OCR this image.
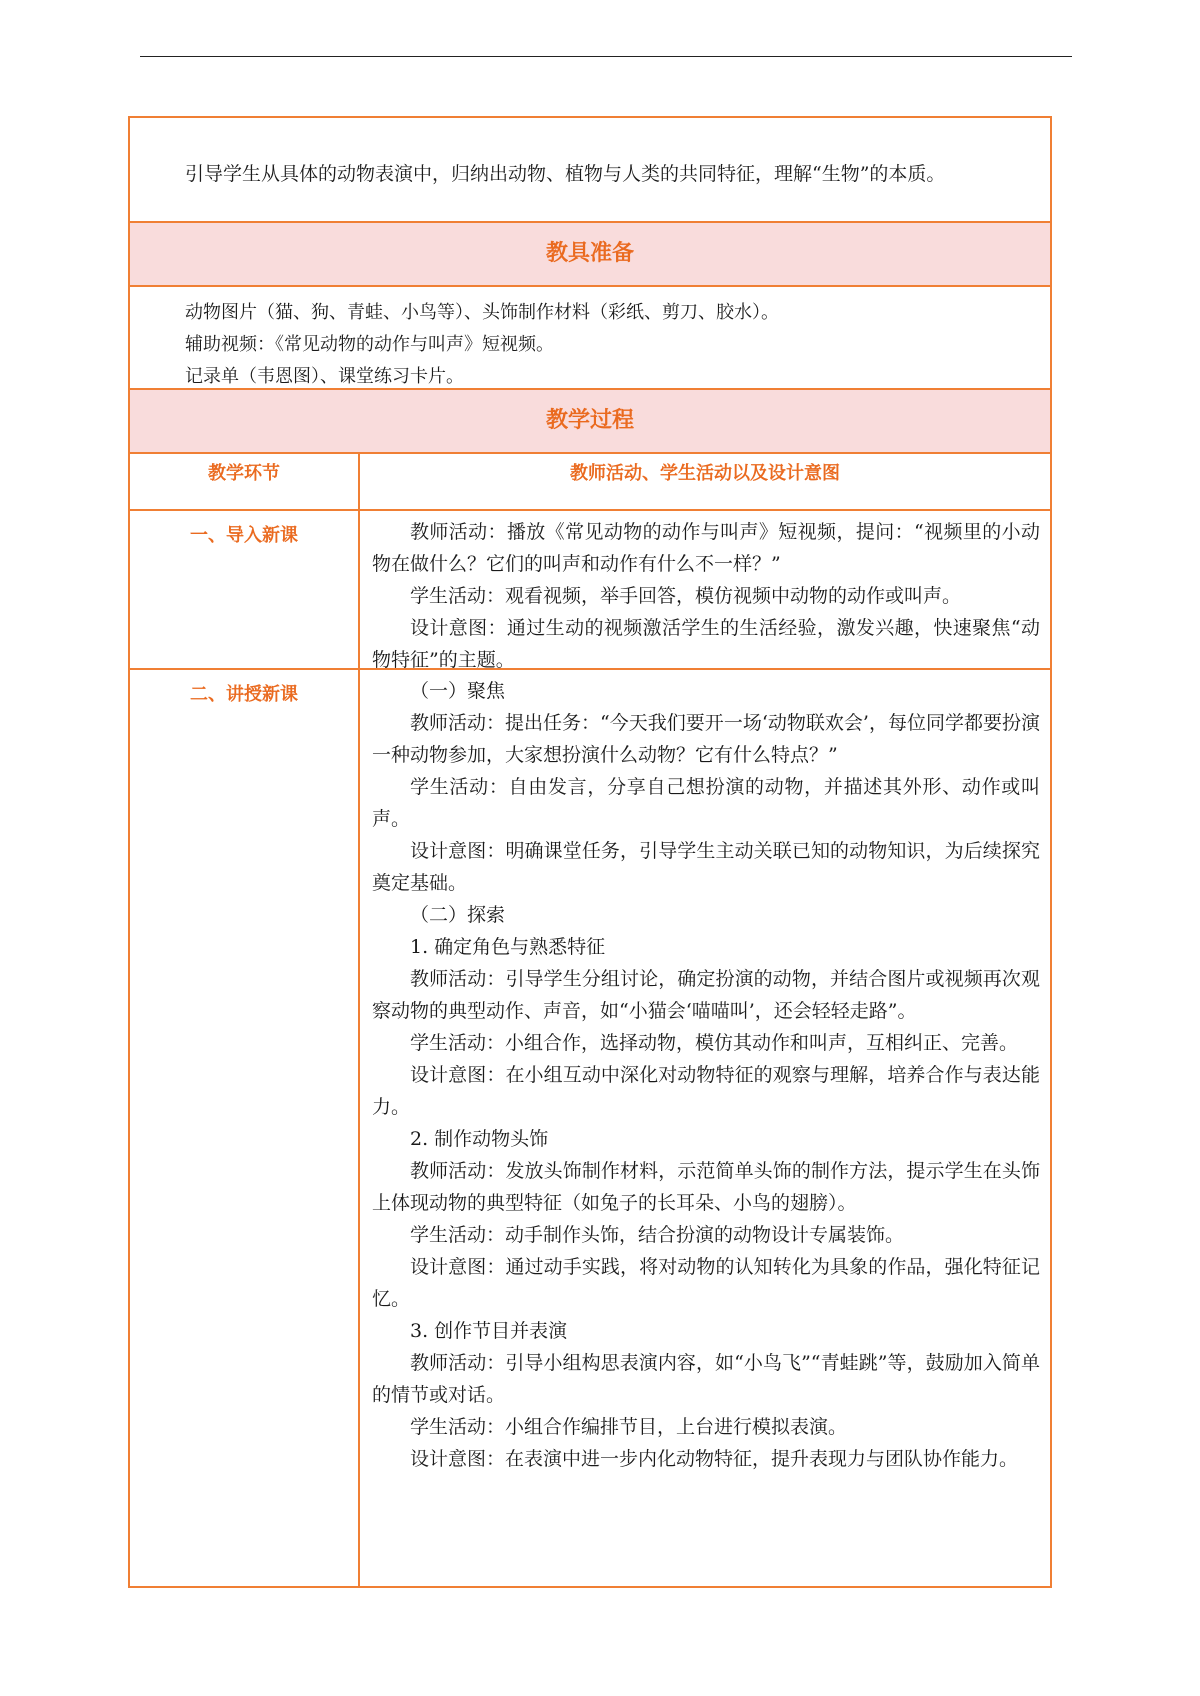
引导学生从具体的动物表演中，归纳出动物、植物与人类的共同特征，理解“生物”的本质。
教具准备
动物图片（猫、狗、青蛙、小鸟等）、头饰制作材料（彩纸、剪刀、胶水）。
辅助视频：《常见动物的动作与叫声》短视频。
记录单（韦恩图）、课堂练习卡片。
教学过程
教学环节	教师活动、学生活动以及设计意图
一、导入新课	教师活动：播放《常见动物的动作与叫声》短视频，提问：“视频里的小动物在做什么？它们的叫声和动作有什么不一样？”

学生活动：观看视频，举手回答，模仿视频中动物的动作或叫声。

设计意图：通过生动的视频激活学生的生活经验，激发兴趣，快速聚焦“动物特征”的主题。

二、讲授新课	（一）聚焦

教师活动：提出任务：“今天我们要开一场‘动物联欢会’，每位同学都要扮演一种动物参加，大家想扮演什么动物？它有什么特点？”

学生活动：自由发言，分享自己想扮演的动物，并描述其外形、动作或叫声。

设计意图：明确课堂任务，引导学生主动关联已知的动物知识，为后续探究奠定基础。

（二）探索

1. 确定角色与熟悉特征

教师活动：引导学生分组讨论，确定扮演的动物，并结合图片或视频再次观察动物的典型动作、声音，如“小猫会‘喵喵叫’，还会轻轻走路”。

学生活动：小组合作，选择动物，模仿其动作和叫声，互相纠正、完善。

设计意图：在小组互动中深化对动物特征的观察与理解，培养合作与表达能力。

2. 制作动物头饰

教师活动：发放头饰制作材料，示范简单头饰的制作方法，提示学生在头饰上体现动物的典型特征（如兔子的长耳朵、小鸟的翅膀）。

学生活动：动手制作头饰，结合扮演的动物设计专属装饰。

设计意图：通过动手实践，将对动物的认知转化为具象的作品，强化特征记忆。

3. 创作节目并表演

教师活动：引导小组构思表演内容，如“小鸟飞”“青蛙跳”等，鼓励加入简单的情节或对话。

学生活动：小组合作编排节目，上台进行模拟表演。

设计意图：在表演中进一步内化动物特征，提升表现力与团队协作能力。
